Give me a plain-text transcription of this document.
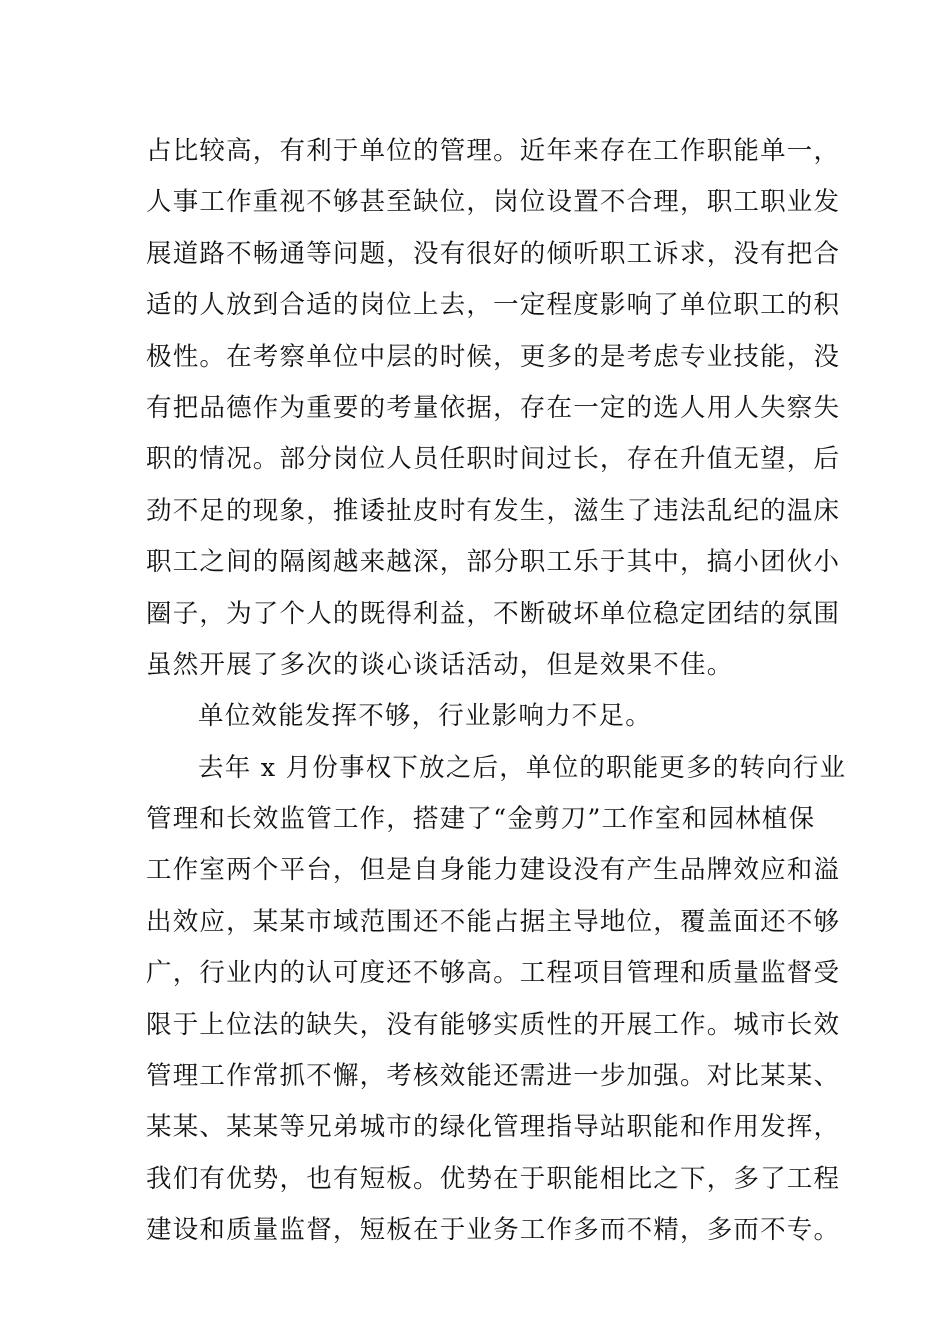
占比较高，有利于单位的管理。近年来存在工作职能单一，
人事工作重视不够甚至缺位，岗位设置不合理，职工职业发
展道路不畅通等问题，没有很好的倾听职工诉求，没有把合
适的人放到合适的岗位上去，一定程度影响了单位职工的积
极性。在考察单位中层的时候，更多的是考虑专业技能，没
有把品德作为重要的考量依据，存在一定的选人用人失察失
职的情况。部分岗位人员任职时间过长，存在升值无望，后
劲不足的现象，推诿扯皮时有发生，滋生了违法乱纪的温床
职工之间的隔阂越来越深，部分职工乐于其中，搞小团伙小
圈子，为了个人的既得利益，不断破坏单位稳定团结的氛围
虽然开展了多次的谈心谈话活动，但是效果不佳。
单位效能发挥不够，行业影响力不足。
去年 x 月份事权下放之后，单位的职能更多的转向行业
管理和长效监管工作，搭建了“金剪刀”工作室和园林植保
工作室两个平台，但是自身能力建设没有产生品牌效应和溢
出效应，某某市域范围还不能占据主导地位，覆盖面还不够
广，行业内的认可度还不够高。工程项目管理和质量监督受
限于上位法的缺失，没有能够实质性的开展工作。城市长效
管理工作常抓不懈，考核效能还需进一步加强。对比某某、
某某、某某等兄弟城市的绿化管理指导站职能和作用发挥，
我们有优势，也有短板。优势在于职能相比之下，多了工程
建设和质量监督，短板在于业务工作多而不精，多而不专。
